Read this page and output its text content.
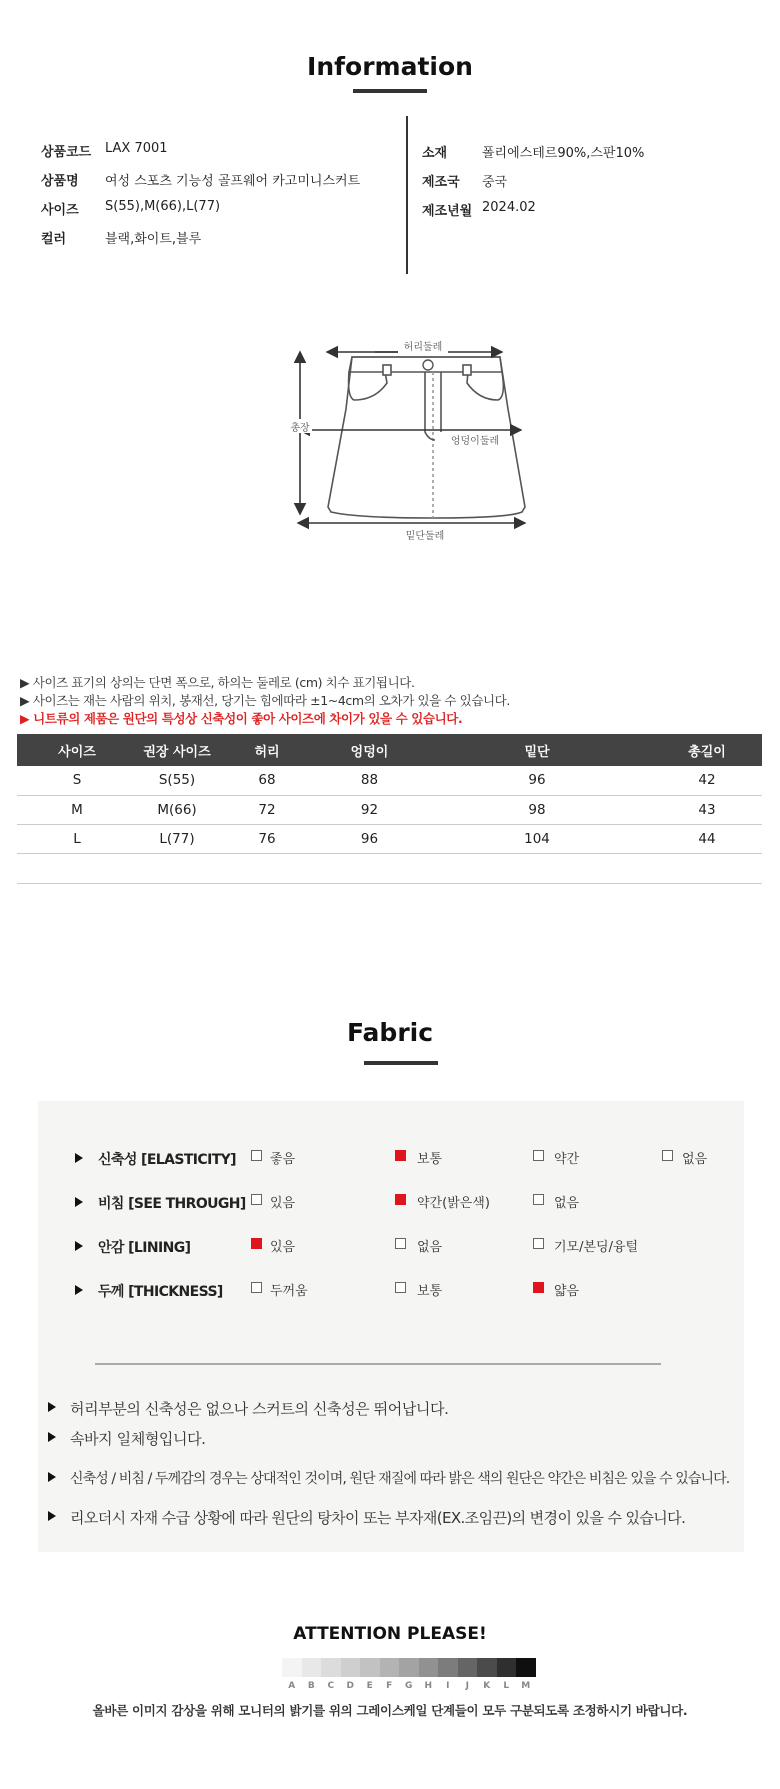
Information
상품코드 LAX 7001
상품명 여성 스포츠 기능성 골프웨어 카고미니스커트
사이즈 S(55),M(66),L(77)
컬러	블랙,화이트,블루
소재	폴리에스테르90%,스판10%
제조국 중국
제조년월 2024.02
허리둘레
총장
엉덩이둘레
밑단둘레
▶ 사이즈 표기의 상의는 단면 폭으로, 하의는 둘레로 (cm) 치수 표기됩니다.
▶ 사이즈는 재는 사람의 위치, 봉재선, 당기는 힘에따라 ±1~4cm의 오차가 있을 수 있습니다.
▶ 니트류의 제품은 원단의 특성상 신축성이 좋아 사이즈에 차이가 있을 수 있습니다.
사이즈	권장 사이즈	허리	엉덩이	밑단	총길이
S	S(55)	68	88	96	42
M	M(66)	72	92	98	43
L	L(77)	76	96	104	44

Fabric
신축성 [ELASTICITY]	좋음	보통	약간	없음
비침 [SEE THROUGH] 있음	약간(밝은색)	없음
안감 [LINING]	있음	없음	기모/본딩/융털
두께 [THICKNESS]	두꺼움	보통	얇음
허리부분의 신축성은 없으나 스커트의 신축성은 뛰어납니다.
속바지 일체형입니다.
신축성 / 비침 / 두께감의 경우는 상대적인 것이며, 원단 재질에 따라 밝은 색의 원단은 약간은 비침은 있을 수 있습니다.
리오더시 자재 수급 상황에 따라 원단의 탕차이 또는 부자재(EX.조임끈)의 변경이 있을 수 있습니다.
ATTENTION PLEASE!
A	B	C	D	E	F	G	H	I	J	K	L	M
올바른 이미지 감상을 위해 모니터의 밝기를 위의 그레이스케일 단계들이 모두 구분되도록 조정하시기 바랍니다.
